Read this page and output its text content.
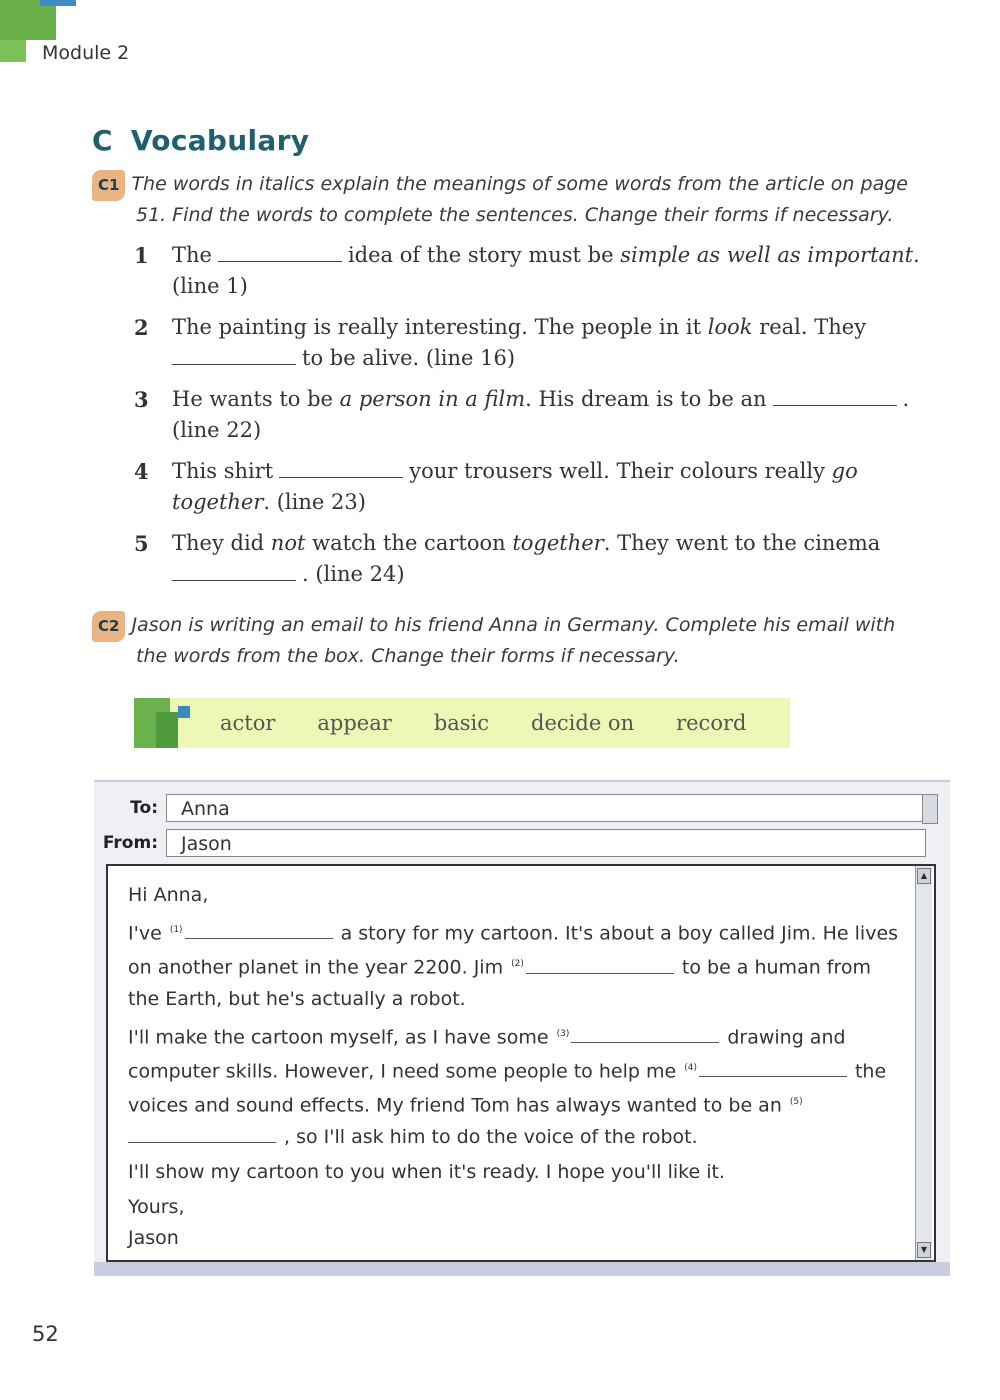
Module 2
C Vocabulary
C1 The words in italics explain the meanings of some words from the article on page
51. Find the words to complete the sentences. Change their forms if necessary.
1	The	idea of the story must be simple as well as important.
(line 1)
2	The painting is really interesting. The people in it look real. They
to be alive. (line 16)
3	He wants to be a person in a film. His dream is to be an	.
(line 22)
4	This shirt	your trousers well. Their colours really go
together. (line 23)
5	They did not watch the cartoon together. They went to the cinema
. (line 24)
C2 Jason is writing an email to his friend Anna in Germany. Complete his email with
the words from the box. Change their forms if necessary.
actor appear basic decide on record
To:	Anna
From:	Jason
▲
▼

Hi Anna,

I've $^{(1)}$	a story for my cartoon. It's about a boy called Jim. He lives on another planet in the year 2200. Jim $^{(2)}$	to be a human from the Earth, but he's actually a robot.

I'll make the cartoon myself, as I have some $^{(3)}$	drawing and computer skills. However, I need some people to help me $^{(4)}$	the voices and sound effects. My friend Tom has always wanted to be an $^{(5)}$, so I'll ask him to do the voice of the robot.

I'll show my cartoon to you when it's ready. I hope you'll like it.

Yours,

Jason

52
